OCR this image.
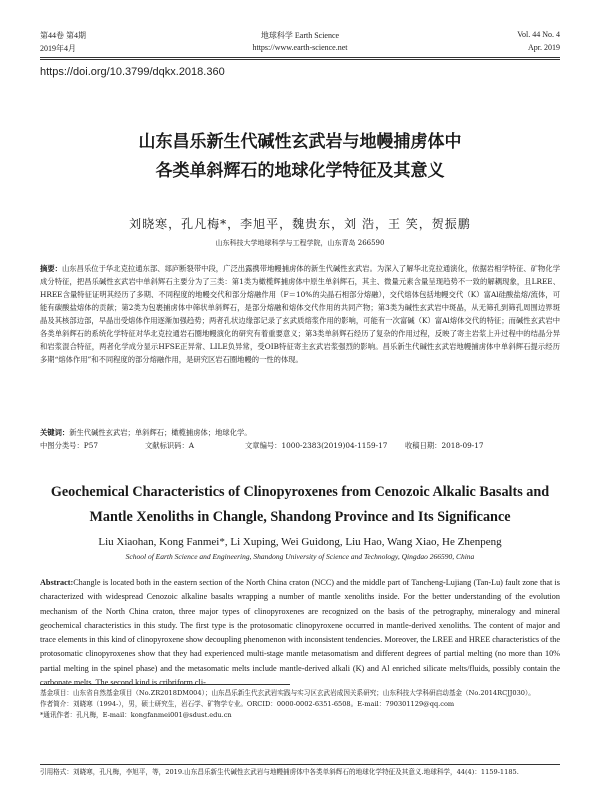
第44卷 第4期	地球科学 Earth Science	Vol. 44 No. 4
2019年4月	https://www.earth-science.net	Apr. 2019
https://doi.org/10.3799/dqkx.2018.360
山东昌乐新生代碱性玄武岩与地幔捕虏体中
各类单斜辉石的地球化学特征及其意义
刘晓寒，孔凡梅*，李旭平，魏贵东，刘 浩，王 笑，贺振鹏
山东科技大学地球科学与工程学院，山东青岛 266590
摘要：山东昌乐位于华北克拉通东部、郯庐断裂带中段，广泛出露携带地幔捕虏体的新生代碱性玄武岩。为深入了解华北克拉通演化，依据岩相学特征、矿物化学成分特征，把昌乐碱性玄武岩中单斜辉石主要分为了三类：第1类为橄榄辉捕虏体中原生单斜辉石，其主、微量元素含量呈现趋势不一致的解耦现象，且LREE、HREE含量特征证明其经历了多期、不同程度的地幔交代和部分熔融作用（F＝10%的尖晶石相部分熔融），交代熔体包括地幔交代（K）富Al硅酸盐熔/流体，可能有碳酸盐熔体的贡献；第2类为包裹捕虏体中筛状单斜辉石，是部分熔融和熔体交代作用的共同产物；第3类为碱性玄武岩中斑晶，从无筛孔到筛孔周围边界斑晶及其核部边部，早晶出受熔体作用逐渐加强趋势；两者孔状边缘部记录了玄武质熔浆作用的影响，可能有一次富碱（K）富Al熔体交代的特征；而碱性玄武岩中各类单斜辉石的系统化学特征对华北克拉通岩石圈地幔演化的研究有着重要意义；第3类单斜辉石经历了复杂的作用过程，反映了寄主岩浆上升过程中的结晶分异和岩浆混合特征，两者化学成分显示HFSE正异常、LILE负异常，受OIB特征寄主玄武岩浆强烈的影响。昌乐新生代碱性玄武岩地幔捕虏体中单斜辉石提示经历多期“熔体作用”和不同程度的部分熔融作用，是研究区岩石圈地幔的一性的体现。
关键词：新生代碱性玄武岩；单斜辉石；橄榄捕虏体；地球化学。
中图分类号：P57	文献标识码：A	文章编号：1000-2383(2019)04-1159-17 收稿日期：2018-09-17
Geochemical Characteristics of Clinopyroxenes from Cenozoic Alkalic Basalts and
Mantle Xenoliths in Changle, Shandong Province and Its Significance
Liu Xiaohan, Kong Fanmei*, Li Xuping, Wei Guidong, Liu Hao, Wang Xiao, He Zhenpeng
School of Earth Science and Engineering, Shandong University of Science and Technology, Qingdao 266590, China
Abstract:Changle is located both in the eastern section of the North China craton (NCC) and the middle part of Tancheng-Lujiang (Tan-Lu) fault zone that is characterized with widespread Cenozoic alkaline basalts wrapping a number of mantle xenoliths inside. For the better understanding of the evolution mechanism of the North China craton, three major types of clinopyroxenes are recognized on the basis of the petrography, mineralogy and mineral geochemical characteristics in this study. The first type is the protosomatic clinopyroxene occurred in mantle-derived xenoliths. The content of major and trace elements in this kind of clinopyroxene show decoupling phenomenon with inconsistent tendencies. Moreover, the LREE and HREE characteristics of the protosomatic clinopyroxenes show that they had experienced multi-stage mantle metasomatism and different degrees of partial melting (no more than 10% partial melting in the spinel phase) and the metasomatic melts include mantle-derived alkali (K) and Al enriched silicate melts/fluids, possibly contain the carbonate melts. The second kind is cribriform cli-
基金项目：山东省自然基金项目（No.ZR2018DM004）；山东昌乐新生代玄武岩实践与实习区玄武岩成因关系研究；山东科技大学科研启动基金（No.2014RCJJ030）。
作者简介：刘晓寒（1994-），男，硕士研究生，岩石学、矿物学专业。ORCID：0000-0002-6351-6508。E-mail：790301129@qq.com
*通讯作者：孔凡梅，E-mail：kongfanmei001@sdust.edu.cn
引用格式：刘晓寒，孔凡梅，李旭平，等，2019.山东昌乐新生代碱性玄武岩与地幔捕虏体中各类单斜辉石的地球化学特征及其意义.地球科学，44(4)：1159-1185.
